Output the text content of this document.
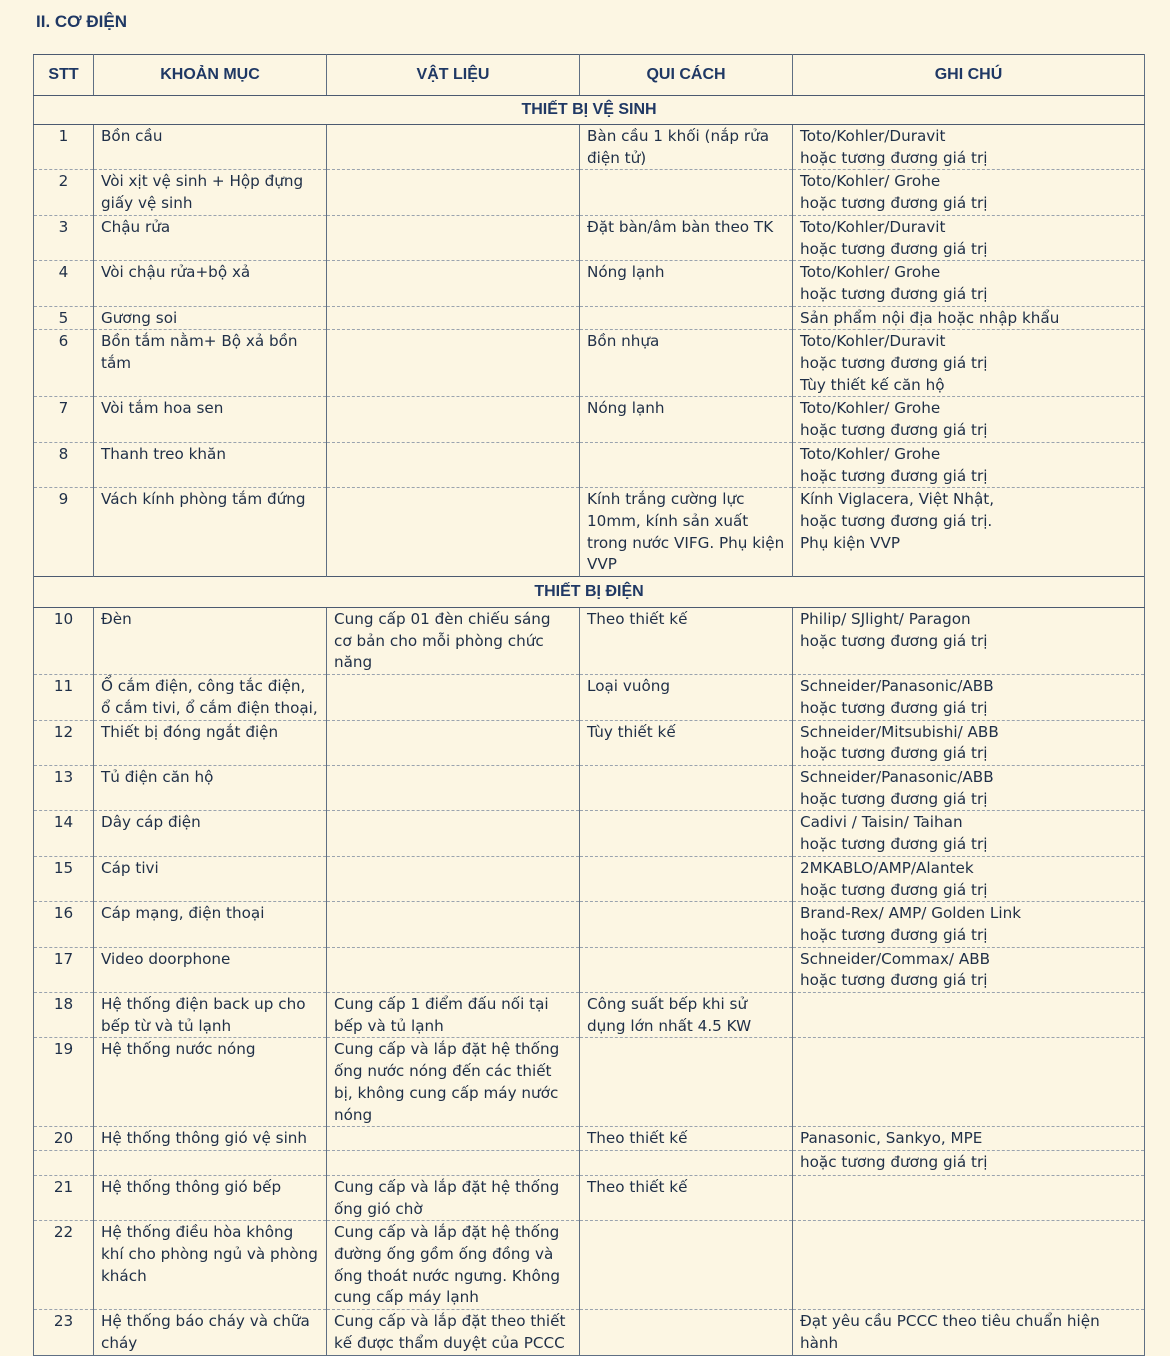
II. CƠ ĐIỆN
STT	KHOẢN MỤC	VẬT LIỆU	QUI CÁCH	GHI CHÚ
THIẾT BỊ VỆ SINH				
1	Bồn cầu		Bàn cầu 1 khối (nắp rửa điện tử)	Toto/Kohler/Duravit
hoặc tương đương giá trị
2	Vòi xịt vệ sinh + Hộp đựng giấy vệ sinh			Toto/Kohler/ Grohe
hoặc tương đương giá trị
3	Chậu rửa		Đặt bàn/âm bàn theo TK	Toto/Kohler/Duravit
hoặc tương đương giá trị
4	Vòi chậu rửa+bộ xả		Nóng lạnh	Toto/Kohler/ Grohe
hoặc tương đương giá trị
5	Gương soi			Sản phẩm nội địa hoặc nhập khẩu
6	Bồn tắm nằm+ Bộ xả bồn tắm		Bồn nhựa	Toto/Kohler/Duravit
hoặc tương đương giá trị
Tùy thiết kế căn hộ
7	Vòi tắm hoa sen		Nóng lạnh	Toto/Kohler/ Grohe
hoặc tương đương giá trị
8	Thanh treo khăn			Toto/Kohler/ Grohe
hoặc tương đương giá trị
9	Vách kính phòng tắm đứng		Kính trắng cường lực 10mm, kính sản xuất trong nước VIFG. Phụ kiện VVP	Kính Viglacera, Việt Nhật,
hoặc tương đương giá trị.
Phụ kiện VVP
THIẾT BỊ ĐIỆN				
10	Đèn	Cung cấp 01 đèn chiếu sáng cơ bản cho mỗi phòng chức năng	Theo thiết kế	Philip/ SJlight/ Paragon
hoặc tương đương giá trị
11	Ổ cắm điện, công tắc điện, ổ cắm tivi, ổ cắm điện thoại,		Loại vuông	Schneider/Panasonic/ABB
hoặc tương đương giá trị
12	Thiết bị đóng ngắt điện		Tùy thiết kế	Schneider/Mitsubishi/ ABB
hoặc tương đương giá trị
13	Tủ điện căn hộ			Schneider/Panasonic/ABB
hoặc tương đương giá trị
14	Dây cáp điện			Cadivi / Taisin/ Taihan
hoặc tương đương giá trị
15	Cáp tivi			2MKABLO/AMP/Alantek
hoặc tương đương giá trị
16	Cáp mạng, điện thoại			Brand-Rex/ AMP/ Golden Link
hoặc tương đương giá trị
17	Video doorphone			Schneider/Commax/ ABB
hoặc tương đương giá trị
18	Hệ thống điện back up cho bếp từ và tủ lạnh	Cung cấp 1 điểm đấu nối tại bếp và tủ lạnh	Công suất bếp khi sử dụng lớn nhất 4.5 KW	
19	Hệ thống nước nóng	Cung cấp và lắp đặt hệ thống ống nước nóng đến các thiết bị, không cung cấp máy nước nóng		
20	Hệ thống thông gió vệ sinh		Theo thiết kế	Panasonic, Sankyo, MPE
				hoặc tương đương giá trị
21	Hệ thống thông gió bếp	Cung cấp và lắp đặt hệ thống ống gió chờ	Theo thiết kế	
22	Hệ thống điều hòa không khí cho phòng ngủ và phòng khách	Cung cấp và lắp đặt hệ thống đường ống gồm ống đồng và ống thoát nước ngưng. Không cung cấp máy lạnh		
23	Hệ thống báo cháy và chữa cháy	Cung cấp và lắp đặt theo thiết kế được thẩm duyệt của PCCC		Đạt yêu cầu PCCC theo tiêu chuẩn hiện hành
